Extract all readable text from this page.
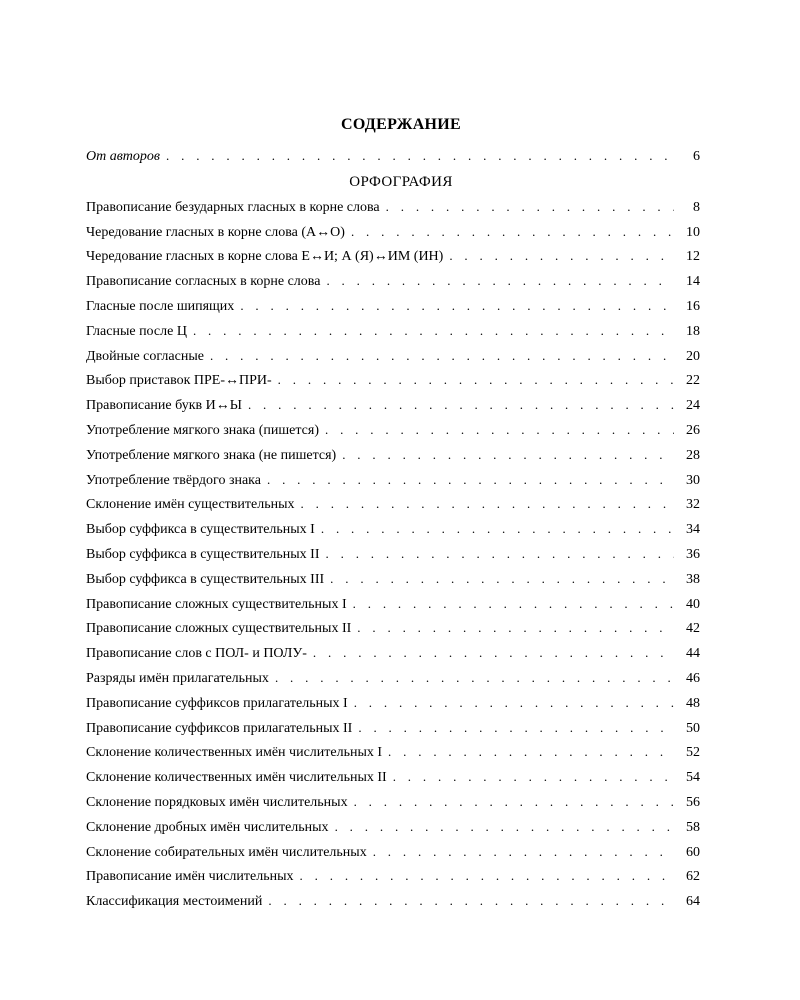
СОДЕРЖАНИЕ
От авторов . . .	6
ОРФОГРАФИЯ
Правописание безударных гласных в корне слова . . .	8
Чередование гласных в корне слова (А↔О) . . .	10
Чередование гласных в корне слова Е↔И; А (Я)↔ИМ (ИН) . . .	12
Правописание согласных в корне слова . . .	14
Гласные после шипящих . . .	16
Гласные после Ц . . .	18
Двойные согласные . . .	20
Выбор приставок ПРЕ-↔ПРИ- . . .	22
Правописание букв И↔Ы . . .	24
Употребление мягкого знака (пишется) . . .	26
Употребление мягкого знака (не пишется) . . .	28
Употребление твёрдого знака . . .	30
Склонение имён существительных . . .	32
Выбор суффикса в существительных I . . .	34
Выбор суффикса в существительных II . . .	36
Выбор суффикса в существительных III . . .	38
Правописание сложных существительных I . . .	40
Правописание сложных существительных II . . .	42
Правописание слов с ПОЛ- и ПОЛУ- . . .	44
Разряды имён прилагательных . . .	46
Правописание суффиксов прилагательных I . . .	48
Правописание суффиксов прилагательных II . . .	50
Склонение количественных имён числительных I . . .	52
Склонение количественных имён числительных II . . .	54
Склонение порядковых имён числительных . . .	56
Склонение дробных имён числительных . . .	58
Склонение собирательных имён числительных . . .	60
Правописание имён числительных . . .	62
Классификация местоимений . . .	64
